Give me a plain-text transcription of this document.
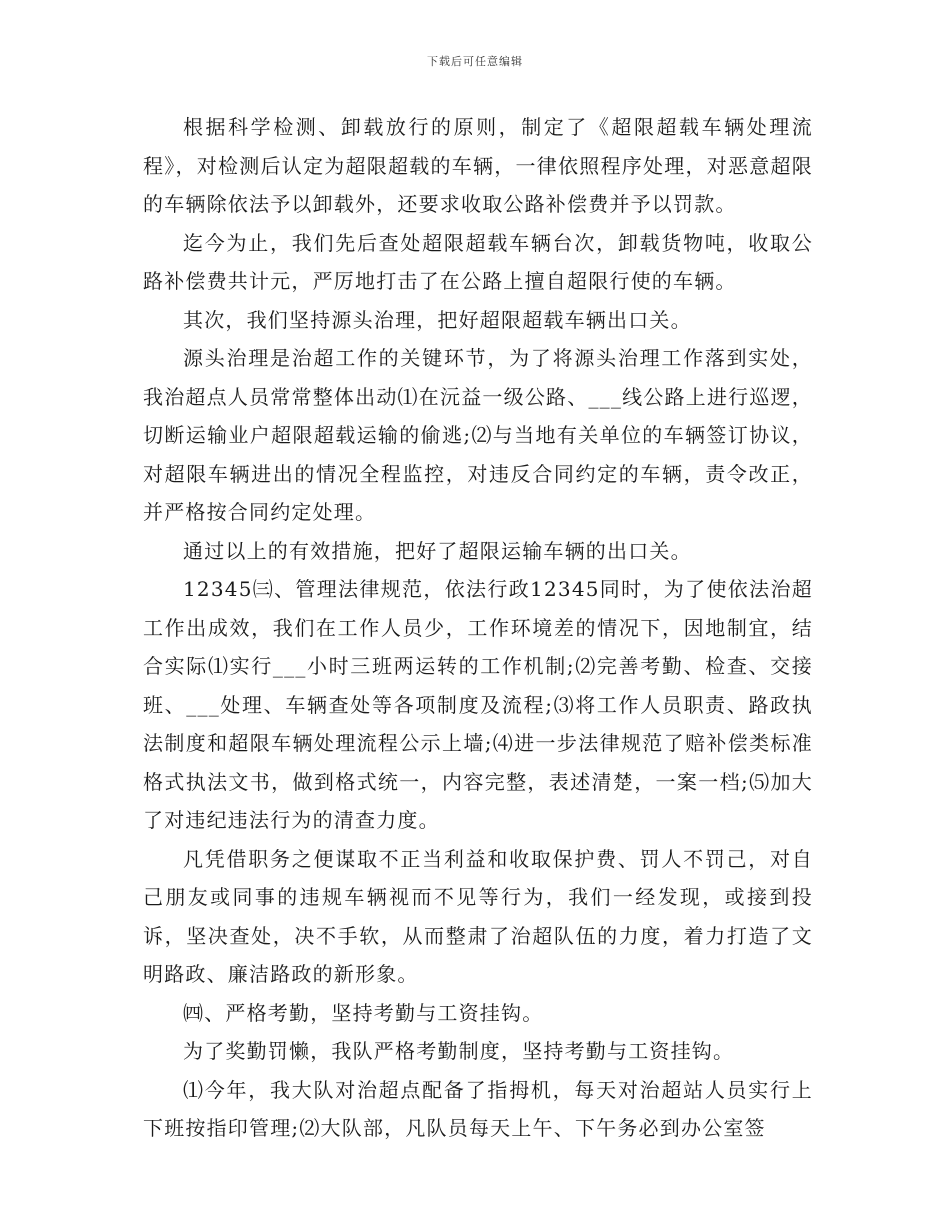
下载后可任意编辑

根据科学检测、卸载放行的原则，制定了《超限超载车辆处理流程》，对检测后认定为超限超载的车辆，一律依照程序处理，对恶意超限的车辆除依法予以卸载外，还要求收取公路补偿费并予以罚款。

迄今为止，我们先后查处超限超载车辆台次，卸载货物吨，收取公路补偿费共计元，严厉地打击了在公路上擅自超限行使的车辆。

其次，我们坚持源头治理，把好超限超载车辆出口关。

源头治理是治超工作的关键环节，为了将源头治理工作落到实处，我治超点人员常常整体出动⑴在沅益一级公路、___线公路上进行巡逻，切断运输业户超限超载运输的偷逃;⑵与当地有关单位的车辆签订协议，对超限车辆进出的情况全程监控，对违反合同约定的车辆，责令改正，并严格按合同约定处理。

通过以上的有效措施，把好了超限运输车辆的出口关。

12345㈢、管理法律规范，依法行政12345同时，为了使依法治超工作出成效，我们在工作人员少，工作环境差的情况下，因地制宜，结合实际⑴实行___小时三班两运转的工作机制;⑵完善考勤、检查、交接班、___处理、车辆查处等各项制度及流程;⑶将工作人员职责、路政执法制度和超限车辆处理流程公示上墙;⑷进一步法律规范了赔补偿类标准格式执法文书，做到格式统一，内容完整，表述清楚，一案一档;⑸加大了对违纪违法行为的清查力度。

凡凭借职务之便谋取不正当利益和收取保护费、罚人不罚己，对自己朋友或同事的违规车辆视而不见等行为，我们一经发现，或接到投诉，坚决查处，决不手软，从而整肃了治超队伍的力度，着力打造了文明路政、廉洁路政的新形象。

㈣、严格考勤，坚持考勤与工资挂钩。

为了奖勤罚懒，我队严格考勤制度，坚持考勤与工资挂钩。

⑴今年，我大队对治超点配备了指拇机，每天对治超站人员实行上下班按指印管理;⑵大队部，凡队员每天上午、下午务必到办公室签
